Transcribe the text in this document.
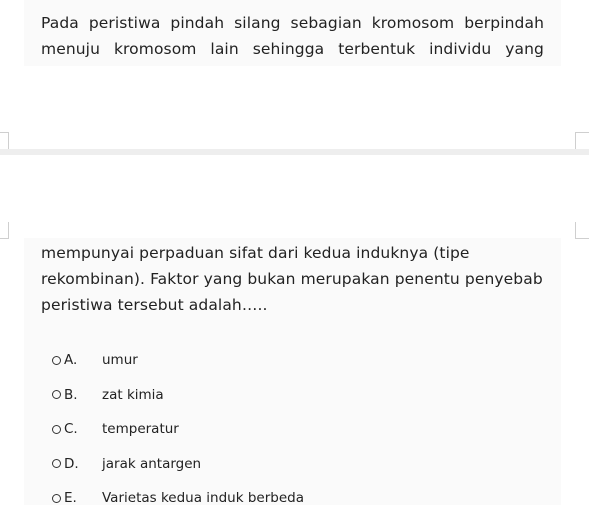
Pada peristiwa pindah silang sebagian kromosom berpindah
menuju kromosom lain sehingga terbentuk individu yang
mempunyai perpaduan sifat dari kedua induknya (tipe
rekombinan). Faktor yang bukan merupakan penentu penyebab
peristiwa tersebut adalah…..
A.	umur
B.	zat kimia
C.	temperatur
D.	jarak antargen
E.	Varietas kedua induk berbeda
